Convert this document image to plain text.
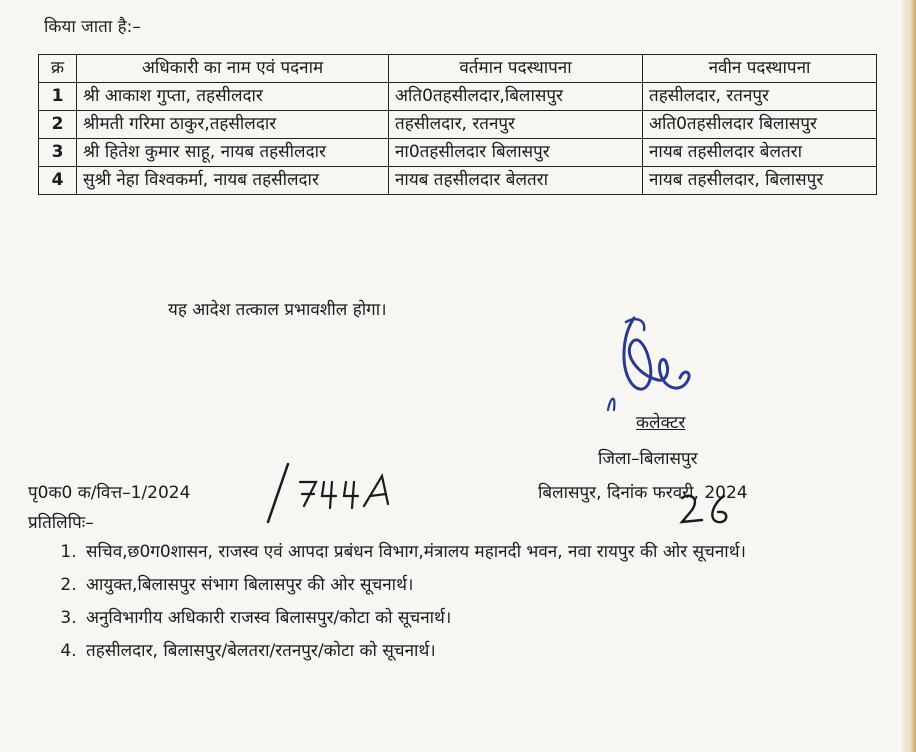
किया जाता है:–
क्र	अधिकारी का नाम एवं पदनाम	वर्तमान पदस्थापना	नवीन पदस्थापना
1	श्री आकाश गुप्ता, तहसीलदार	अति0तहसीलदार,बिलासपुर	तहसीलदार, रतनपुर
2	श्रीमती गरिमा ठाकुर,तहसीलदार	तहसीलदार, रतनपुर	अति0तहसीलदार बिलासपुर
3	श्री हितेश कुमार साहू, नायब तहसीलदार	ना0तहसीलदार बिलासपुर	नायब तहसीलदार बेलतरा
4	सुश्री नेहा विश्वकर्मा, नायब तहसीलदार	नायब तहसीलदार बेलतरा	नायब तहसीलदार, बिलासपुर
यह आदेश तत्काल प्रभावशील होगा।
कलेक्टर
जिला–बिलासपुर
पृ0क0 क/वित्त–1/2024	बिलासपुर, दिनांक फरवरी, 2024
प्रतिलिपिः–
1. सचिव,छ0ग0शासन, राजस्व एवं आपदा प्रबंधन विभाग,मंत्रालय महानदी भवन, नवा रायपुर की ओर सूचनार्थ।
2. आयुक्त,बिलासपुर संभाग बिलासपुर की ओर सूचनार्थ।
3. अनुविभागीय अधिकारी राजस्व बिलासपुर/कोटा को सूचनार्थ।
4. तहसीलदार, बिलासपुर/बेलतरा/रतनपुर/कोटा को सूचनार्थ।
